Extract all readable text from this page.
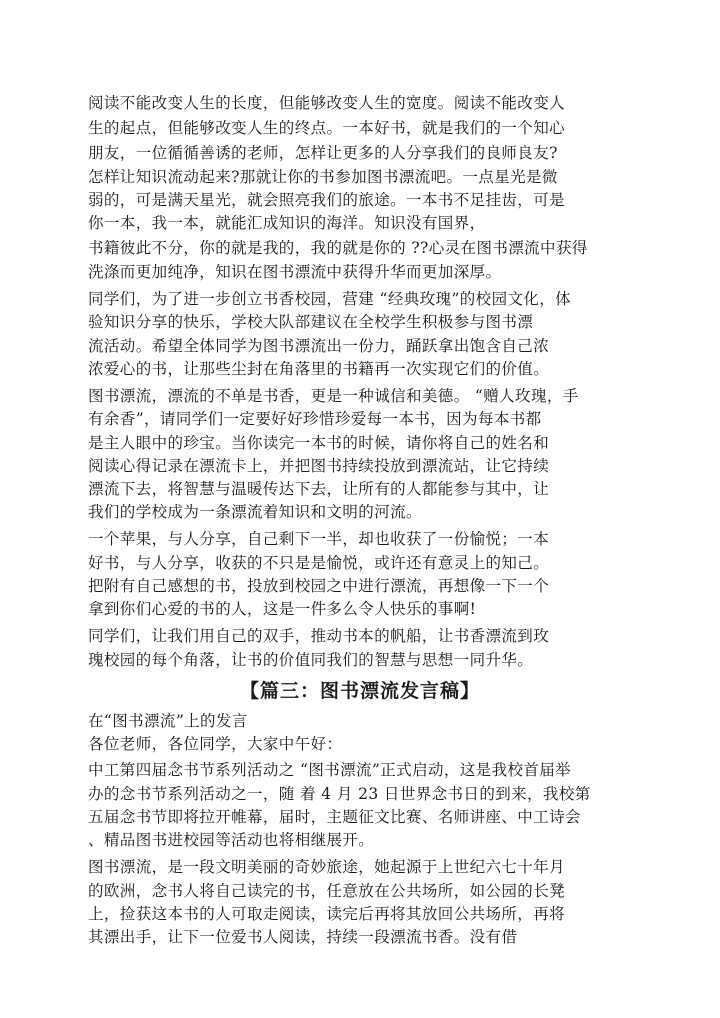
阅读不能改变人生的长度，但能够改变人生的宽度。阅读不能改变人
生的起点，但能够改变人生的终点。一本好书，就是我们的一个知心
朋友，一位循循善诱的老师，怎样让更多的人分享我们的良师良友?
怎样让知识流动起来?那就让你的书参加图书漂流吧。一点星光是微
弱的，可是满天星光，就会照亮我们的旅途。一本书不足挂齿，可是
你一本，我一本，就能汇成知识的海洋。知识没有国界，
书籍彼此不分，你的就是我的，我的就是你的 ??心灵在图书漂流中获得
洗涤而更加纯净，知识在图书漂流中获得升华而更加深厚。
同学们，为了进一步创立书香校园，营建 “经典玫瑰”的校园文化，体
验知识分享的快乐，学校大队部建议在全校学生积极参与图书漂
流活动。希望全体同学为图书漂流出一份力，踊跃拿出饱含自己浓
浓爱心的书，让那些尘封在角落里的书籍再一次实现它们的价值。
图书漂流，漂流的不单是书香，更是一种诚信和美德。 “赠人玫瑰，手
有余香”，请同学们一定要好好珍惜珍爱每一本书，因为每本书都
是主人眼中的珍宝。当你读完一本书的时候，请你将自己的姓名和
阅读心得记录在漂流卡上，并把图书持续投放到漂流站，让它持续
漂流下去，将智慧与温暖传达下去，让所有的人都能参与其中，让
我们的学校成为一条漂流着知识和文明的河流。
一个苹果，与人分享，自己剩下一半，却也收获了一份愉悦；一本
好书，与人分享，收获的不只是是愉悦，或许还有意灵上的知己。
把附有自己感想的书，投放到校园之中进行漂流，再想像一下一个
拿到你们心爱的书的人，这是一件多么令人快乐的事啊!
同学们，让我们用自己的双手，推动书本的帆船，让书香漂流到玫
瑰校园的每个角落，让书的价值同我们的智慧与思想一同升华。
【篇三：图书漂流发言稿】
在“图书漂流”上的发言
各位老师，各位同学，大家中午好：
中工第四届念书节系列活动之 “图书漂流”正式启动，这是我校首届举
办的念书节系列活动之一，随 着 4 月 23 日世界念书日的到来，我校第
五届念书节即将拉开帷幕，届时，主题征文比赛、名师讲座、中工诗会
、精品图书进校园等活动也将相继展开。
图书漂流，是一段文明美丽的奇妙旅途，她起源于上世纪六七十年月
的欧洲，念书人将自己读完的书，任意放在公共场所，如公园的长凳
上，捡获这本书的人可取走阅读，读完后再将其放回公共场所，再将
其漂出手，让下一位爱书人阅读，持续一段漂流书香。没有借
